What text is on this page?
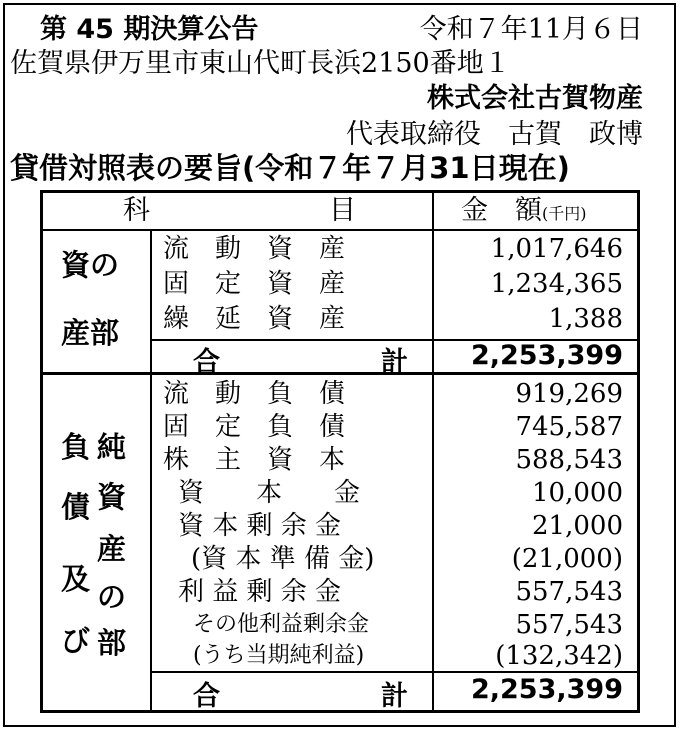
第 45 期決算公告	令和７年11月６日
佐賀県伊万里市東山代町長浜2150番地１
株式会社古賀物産
代表取締役　古賀　政博
貸借対照表の要旨(令和７年７月31日現在)
科	目	金　額(千円)
資の
産部
流　動　資　産	1,017,646
固　定　資　産	1,234,365
繰　延　資　産	1,388
合	計 2,253,399
負
債
及
び
純
資
産
の
部
流　動　負　債	919,269
固　定　負　債	745,587
株　主　資　本	588,543
資　　本　　金	10,000
資 本 剰 余 金	21,000
(資 本 準 備 金)	(21,000)
利 益 剰 余 金	557,543
その他利益剰余金	557,543
(うち当期純利益)	(132,342)
合	計 2,253,399
